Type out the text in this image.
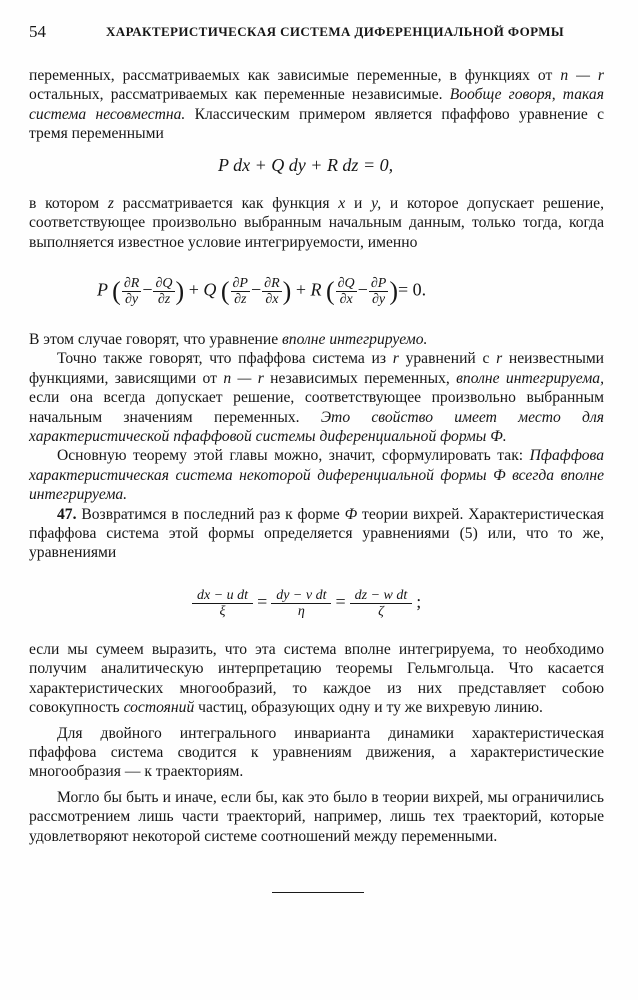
54	ХАРАКТЕРИСТИЧЕСКАЯ СИСТЕМА ДИФЕРЕНЦИАЛЬНОЙ ФОРМЫ

переменных, рассматриваемых как зависимые переменные, в функциях от n — r остальных, рассматриваемых как переменные независимые. Вообще говоря, такая система несовместна. Классическим примером является пфаффово уравнение с тремя переменными

P dx + Q dy + R dz = 0,

в котором z рассматривается как функция x и y, и которое допускает решение, соответствующее произвольно выбранным начальным данным, только тогда, когда выполняется известное условие интегрируемости, именно

P ( $\frac{\partial R}{\partial y} - \frac{\partial Q}{\partial z}$ ) + Q ( $\frac{\partial P}{\partial z} - \frac{\partial R}{\partial x}$ ) + R ( $\frac{\partial Q}{\partial x} - \frac{\partial P}{\partial y}$ )= 0.

В этом случае говорят, что уравнение вполне интегрируемо.

Точно также говорят, что пфаффова система из r уравнений с r неизвестными функциями, зависящими от n — r независимых переменных, вполне интегрируема, если она всегда допускает решение, соответствующее произвольно выбранным начальным значениям переменных. Это свойство имеет место для характеристической пфаффовой системы диференциальной формы Ф.

Основную теорему этой главы можно, значит, сформулировать так: Пфаффова характеристическая система некоторой диференциальной формы Ф всегда вполне интегрируема.

47. Возвратимся в последний раз к форме Ф теории вихрей. Характеристическая пфаффова система этой формы определяется уравнениями (5) или, что то же, уравнениями

$\frac{\text{dx − u dt}}{\xi} = \frac{\text{dy − v dt}}{\eta} = \frac{\text{dz − w dt}}{\zeta}$ ;

если мы сумеем выразить, что эта система вполне интегрируема, то необходимо получим аналитическую интерпретацию теоремы Гельмгольца. Что касается характеристических многообразий, то каждое из них представляет собою совокупность состояний частиц, образующих одну и ту же вихревую линию.

Для двойного интегрального инварианта динамики характеристическая пфаффова система сводится к уравнениям движения, а характеристические многообразия — к траекториям.

Могло бы быть и иначе, если бы, как это было в теории вихрей, мы ограничились рассмотрением лишь части траекторий, например, лишь тех траекторий, которые удовлетворяют некоторой системе соотношений между переменными.
